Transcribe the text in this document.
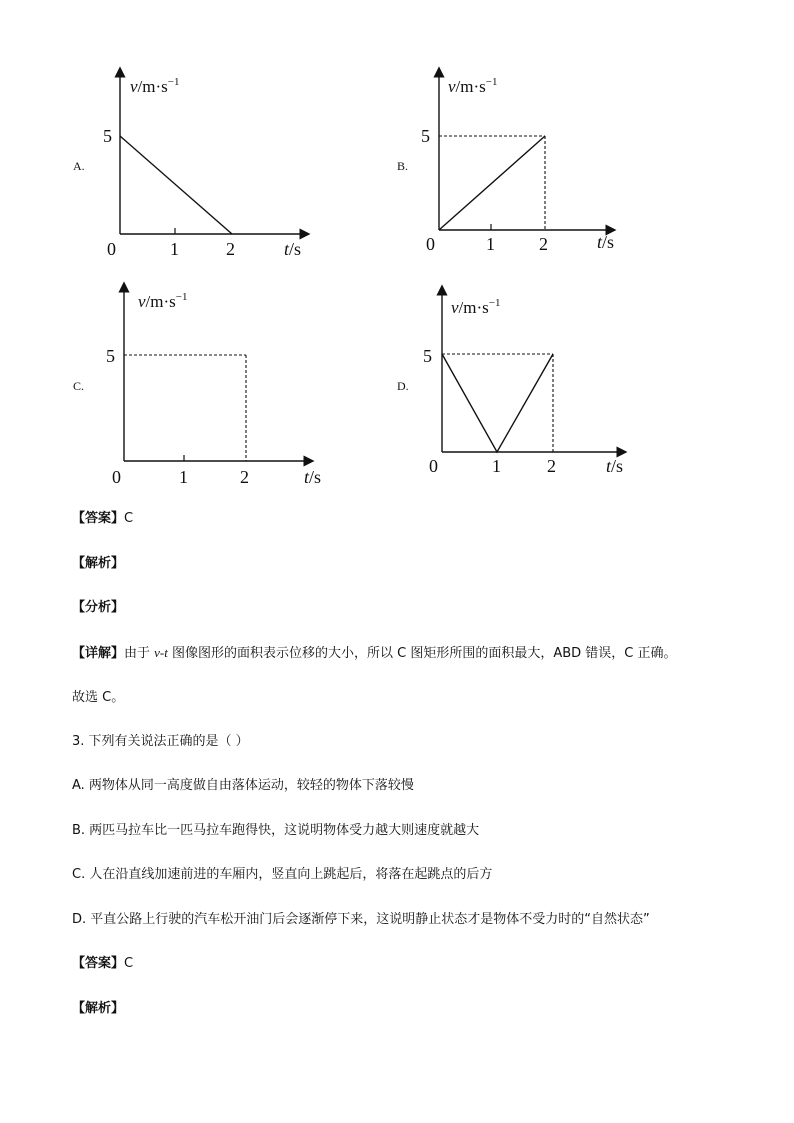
A.
$v/m\cdot s^{-1}$
5
0	1	2	t/s
B.
$v/m\cdot s^{-1}$
5
0	1 2	t/s
C.
$v/m\cdot s^{-1}$
5
0	1	2	t/s
D.
$v/m\cdot s^{-1}$
5
0	1	2	t/s
【答案】C
【解析】
【分析】
【详解】由于 v-t 图像图形的面积表示位移的大小，所以 C 图矩形所围的面积最大，ABD 错误，C 正确。
故选 C。
3. 下列有关说法正确的是（ ）
A. 两物体从同一高度做自由落体运动，较轻的物体下落较慢
B. 两匹马拉车比一匹马拉车跑得快，这说明物体受力越大则速度就越大
C. 人在沿直线加速前进的车厢内，竖直向上跳起后，将落在起跳点的后方
D. 平直公路上行驶的汽车松开油门后会逐渐停下来，这说明静止状态才是物体不受力时的“自然状态”
【答案】C
【解析】
